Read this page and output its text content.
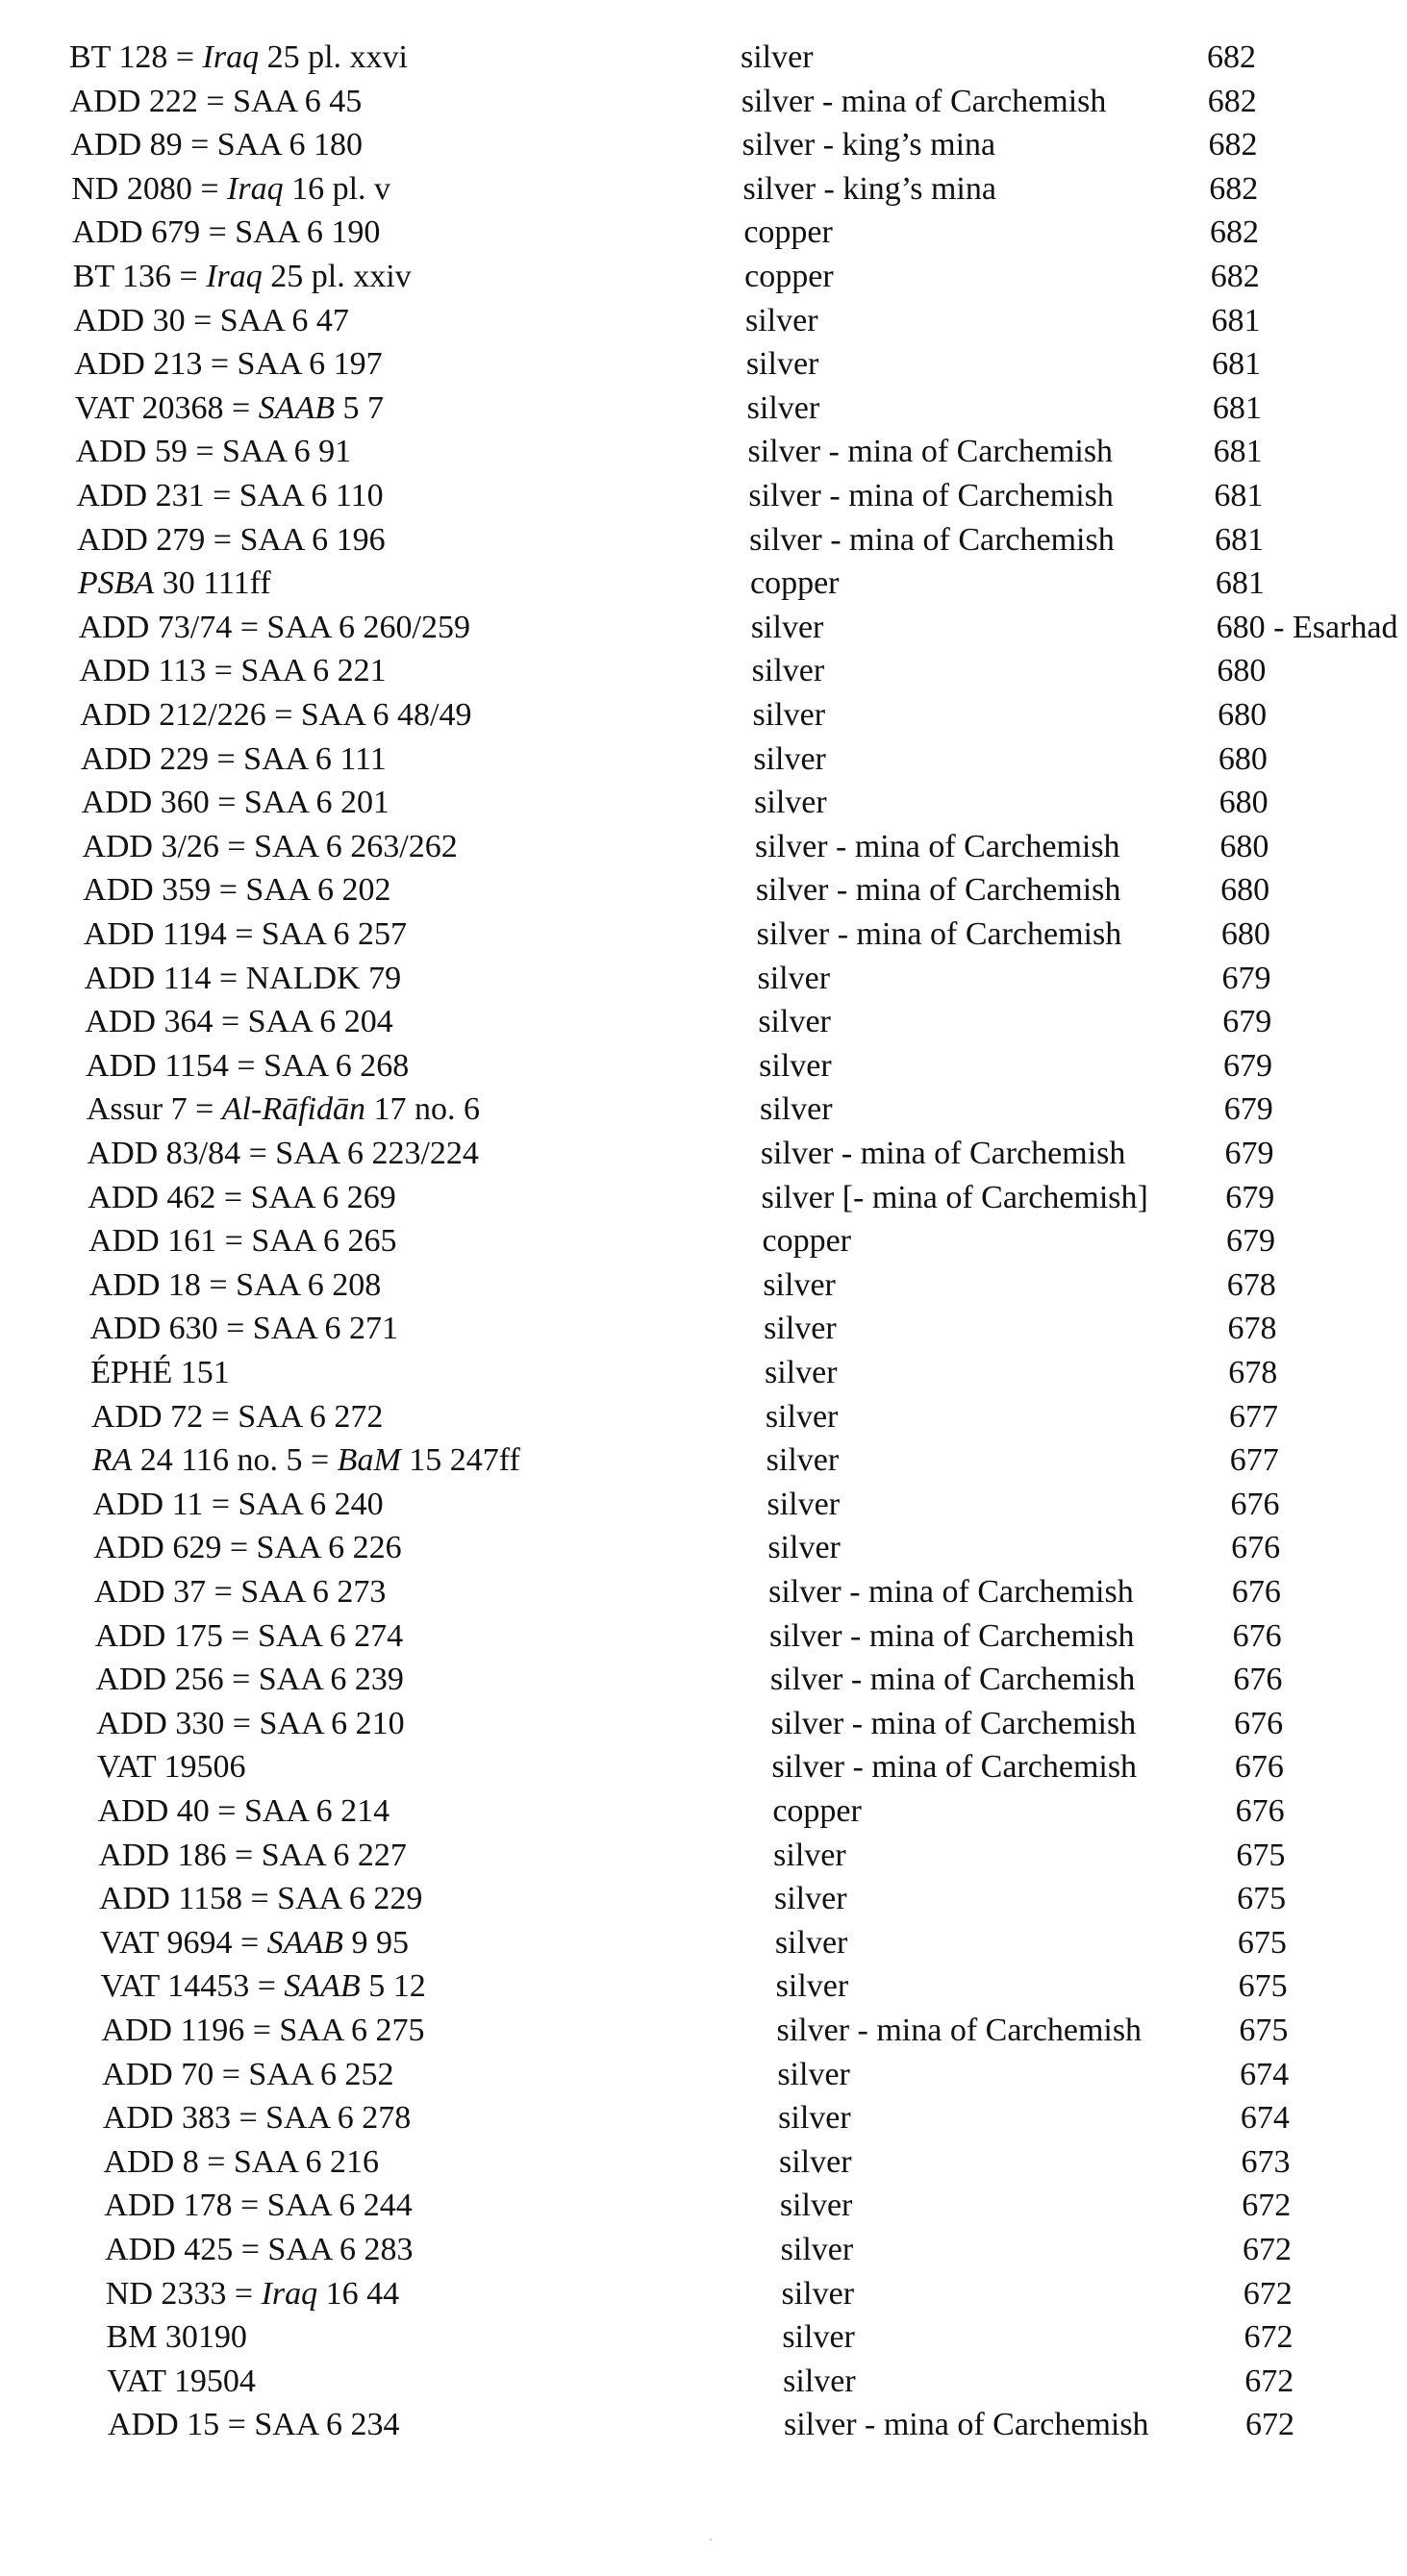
BT 128 = Iraq 25 pl. xxvi	silver	682
ADD 222 = SAA 6 45	silver - mina of Carchemish	682
ADD 89 = SAA 6 180	silver - king’s mina	682
ND 2080 = Iraq 16 pl. v	silver - king’s mina	682
ADD 679 = SAA 6 190	copper	682
BT 136 = Iraq 25 pl. xxiv	copper	682
ADD 30 = SAA 6 47	silver	681
ADD 213 = SAA 6 197	silver	681
VAT 20368 = SAAB 5 7	silver	681
ADD 59 = SAA 6 91	silver - mina of Carchemish	681
ADD 231 = SAA 6 110	silver - mina of Carchemish	681
ADD 279 = SAA 6 196	silver - mina of Carchemish	681
PSBA 30 111ff	copper	681
ADD 73/74 = SAA 6 260/259	silver	680 - Esarhad
ADD 113 = SAA 6 221	silver	680
ADD 212/226 = SAA 6 48/49	silver	680
ADD 229 = SAA 6 111	silver	680
ADD 360 = SAA 6 201	silver	680
ADD 3/26 = SAA 6 263/262	silver - mina of Carchemish	680
ADD 359 = SAA 6 202	silver - mina of Carchemish	680
ADD 1194 = SAA 6 257	silver - mina of Carchemish	680
ADD 114 = NALDK 79	silver	679
ADD 364 = SAA 6 204	silver	679
ADD 1154 = SAA 6 268	silver	679
Assur 7 = Al-Rāfidān 17 no. 6	silver	679
ADD 83/84 = SAA 6 223/224	silver - mina of Carchemish	679
ADD 462 = SAA 6 269	silver [- mina of Carchemish] 679
ADD 161 = SAA 6 265	copper	679
ADD 18 = SAA 6 208	silver	678
ADD 630 = SAA 6 271	silver	678
ÉPHÉ 151	silver	678
ADD 72 = SAA 6 272	silver	677
RA 24 116 no. 5 = BaM 15 247ff	silver	677
ADD 11 = SAA 6 240	silver	676
ADD 629 = SAA 6 226	silver	676
ADD 37 = SAA 6 273	silver - mina of Carchemish	676
ADD 175 = SAA 6 274	silver - mina of Carchemish	676
ADD 256 = SAA 6 239	silver - mina of Carchemish	676
ADD 330 = SAA 6 210	silver - mina of Carchemish	676
VAT 19506	silver - mina of Carchemish	676
ADD 40 = SAA 6 214	copper	676
ADD 186 = SAA 6 227	silver	675
ADD 1158 = SAA 6 229	silver	675
VAT 9694 = SAAB 9 95	silver	675
VAT 14453 = SAAB 5 12	silver	675
ADD 1196 = SAA 6 275	silver - mina of Carchemish	675
ADD 70 = SAA 6 252	silver	674
ADD 383 = SAA 6 278	silver	674
ADD 8 = SAA 6 216	silver	673
ADD 178 = SAA 6 244	silver	672
ADD 425 = SAA 6 283	silver	672
ND 2333 = Iraq 16 44	silver	672
BM 30190	silver	672
VAT 19504	silver	672
ADD 15 = SAA 6 234	silver - mina of Carchemish	672
